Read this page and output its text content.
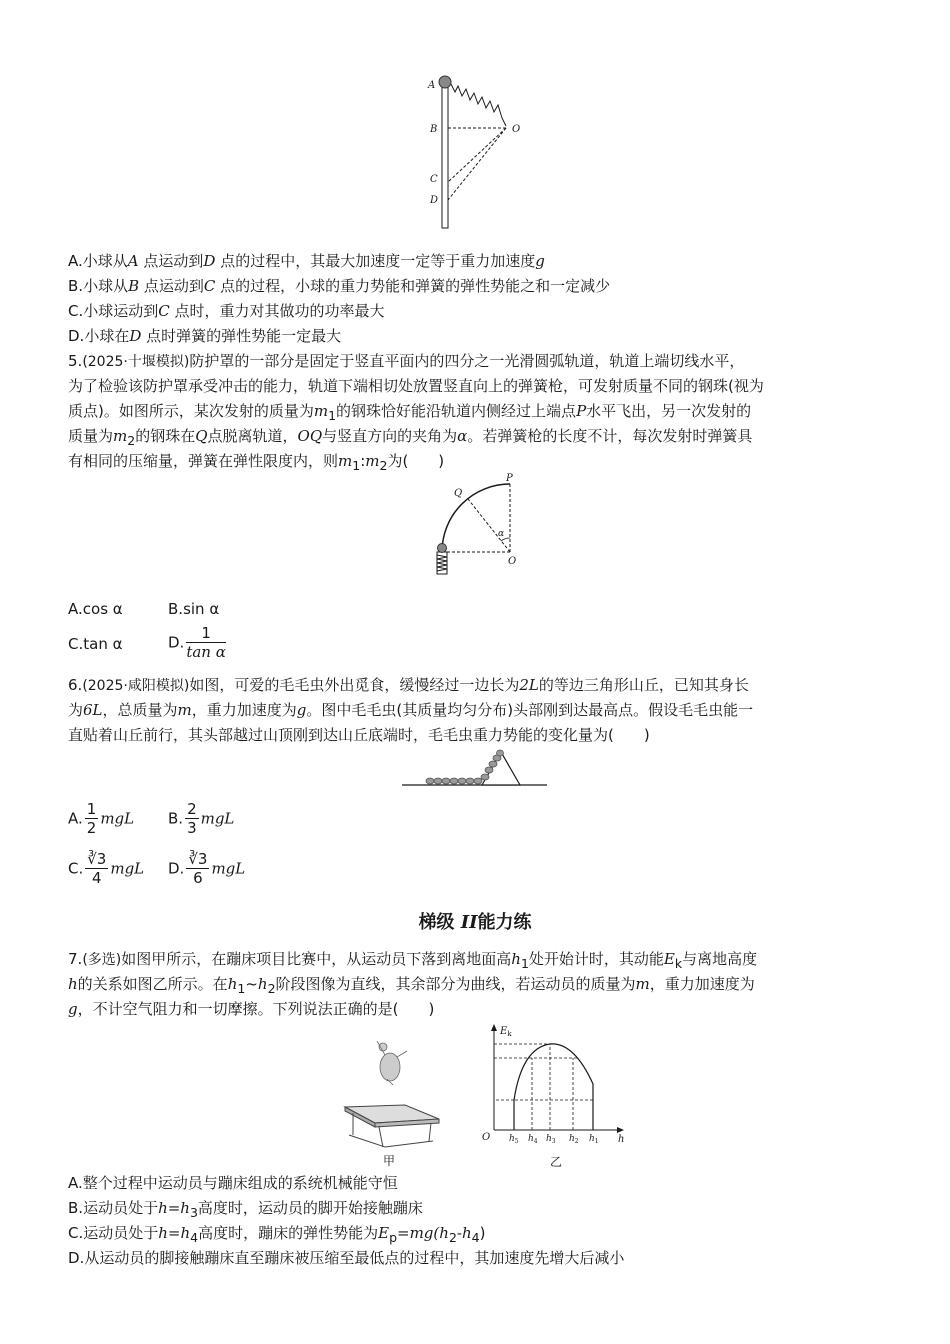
A
B
C
D
O
A.小球从A 点运动到D 点的过程中，其最大加速度一定等于重力加速度g
B.小球从B 点运动到C 点的过程，小球的重力势能和弹簧的弹性势能之和一定减少
C.小球运动到C 点时，重力对其做功的功率最大
D.小球在D 点时弹簧的弹性势能一定最大
5.(2025·十堰模拟)防护罩的一部分是固定于竖直平面内的四分之一光滑圆弧轨道，轨道上端切线水平，
为了检验该防护罩承受冲击的能力，轨道下端相切处放置竖直向上的弹簧枪，可发射质量不同的钢珠(视为
质点)。如图所示，某次发射的质量为$m_1$的钢珠恰好能沿轨道内侧经过上端点P水平飞出，另一次发射的
质量为$m_2$的钢珠在Q点脱离轨道，OQ与竖直方向的夹角为α。若弹簧枪的长度不计，每次发射时弹簧具
有相同的压缩量，弹簧在弹性限度内，则$m_1:m_2$为(　　)
Q
P
α
O
A.cos α	B.sin α
C.tan α	D. $\frac{1}{\text{tan α}}$
6.(2025·咸阳模拟)如图，可爱的毛毛虫外出觅食，缓慢经过一边长为2L的等边三角形山丘，已知其身长
为6L，总质量为m，重力加速度为g。图中毛毛虫(其质量均匀分布)头部刚到达最高点。假设毛毛虫能一
直贴着山丘前行，其头部越过山顶刚到达山丘底端时，毛毛虫重力势能的变化量为(　　)
A. $\frac{1}{2}$ mgL B. $\frac{2}{3}$ mgL
C. $\frac{∛3}{4}$ mgL D. $\frac{∛3}{6}$ mgL
梯级 II能力练
7.(多选)如图甲所示，在蹦床项目比赛中，从运动员下落到离地面高$h_1$处开始计时，其动能$E_k$与离地高度
h的关系如图乙所示。在$h_1\sim h_2$阶段图像为直线，其余部分为曲线，若运动员的质量为m，重力加速度为
g，不计空气阻力和一切摩擦。下列说法正确的是(　　)
甲
$E_k$
O	h
$h_5$ $h_4$ $h_3$ $h_2$ $h_1$
乙
A.整个过程中运动员与蹦床组成的系统机械能守恒
B.运动员处于$h=h_3$高度时，运动员的脚开始接触蹦床
C.运动员处于$h=h_4$高度时，蹦床的弹性势能为$E_p=mg(h_2-h_4)$
D.从运动员的脚接触蹦床直至蹦床被压缩至最低点的过程中，其加速度先增大后减小
